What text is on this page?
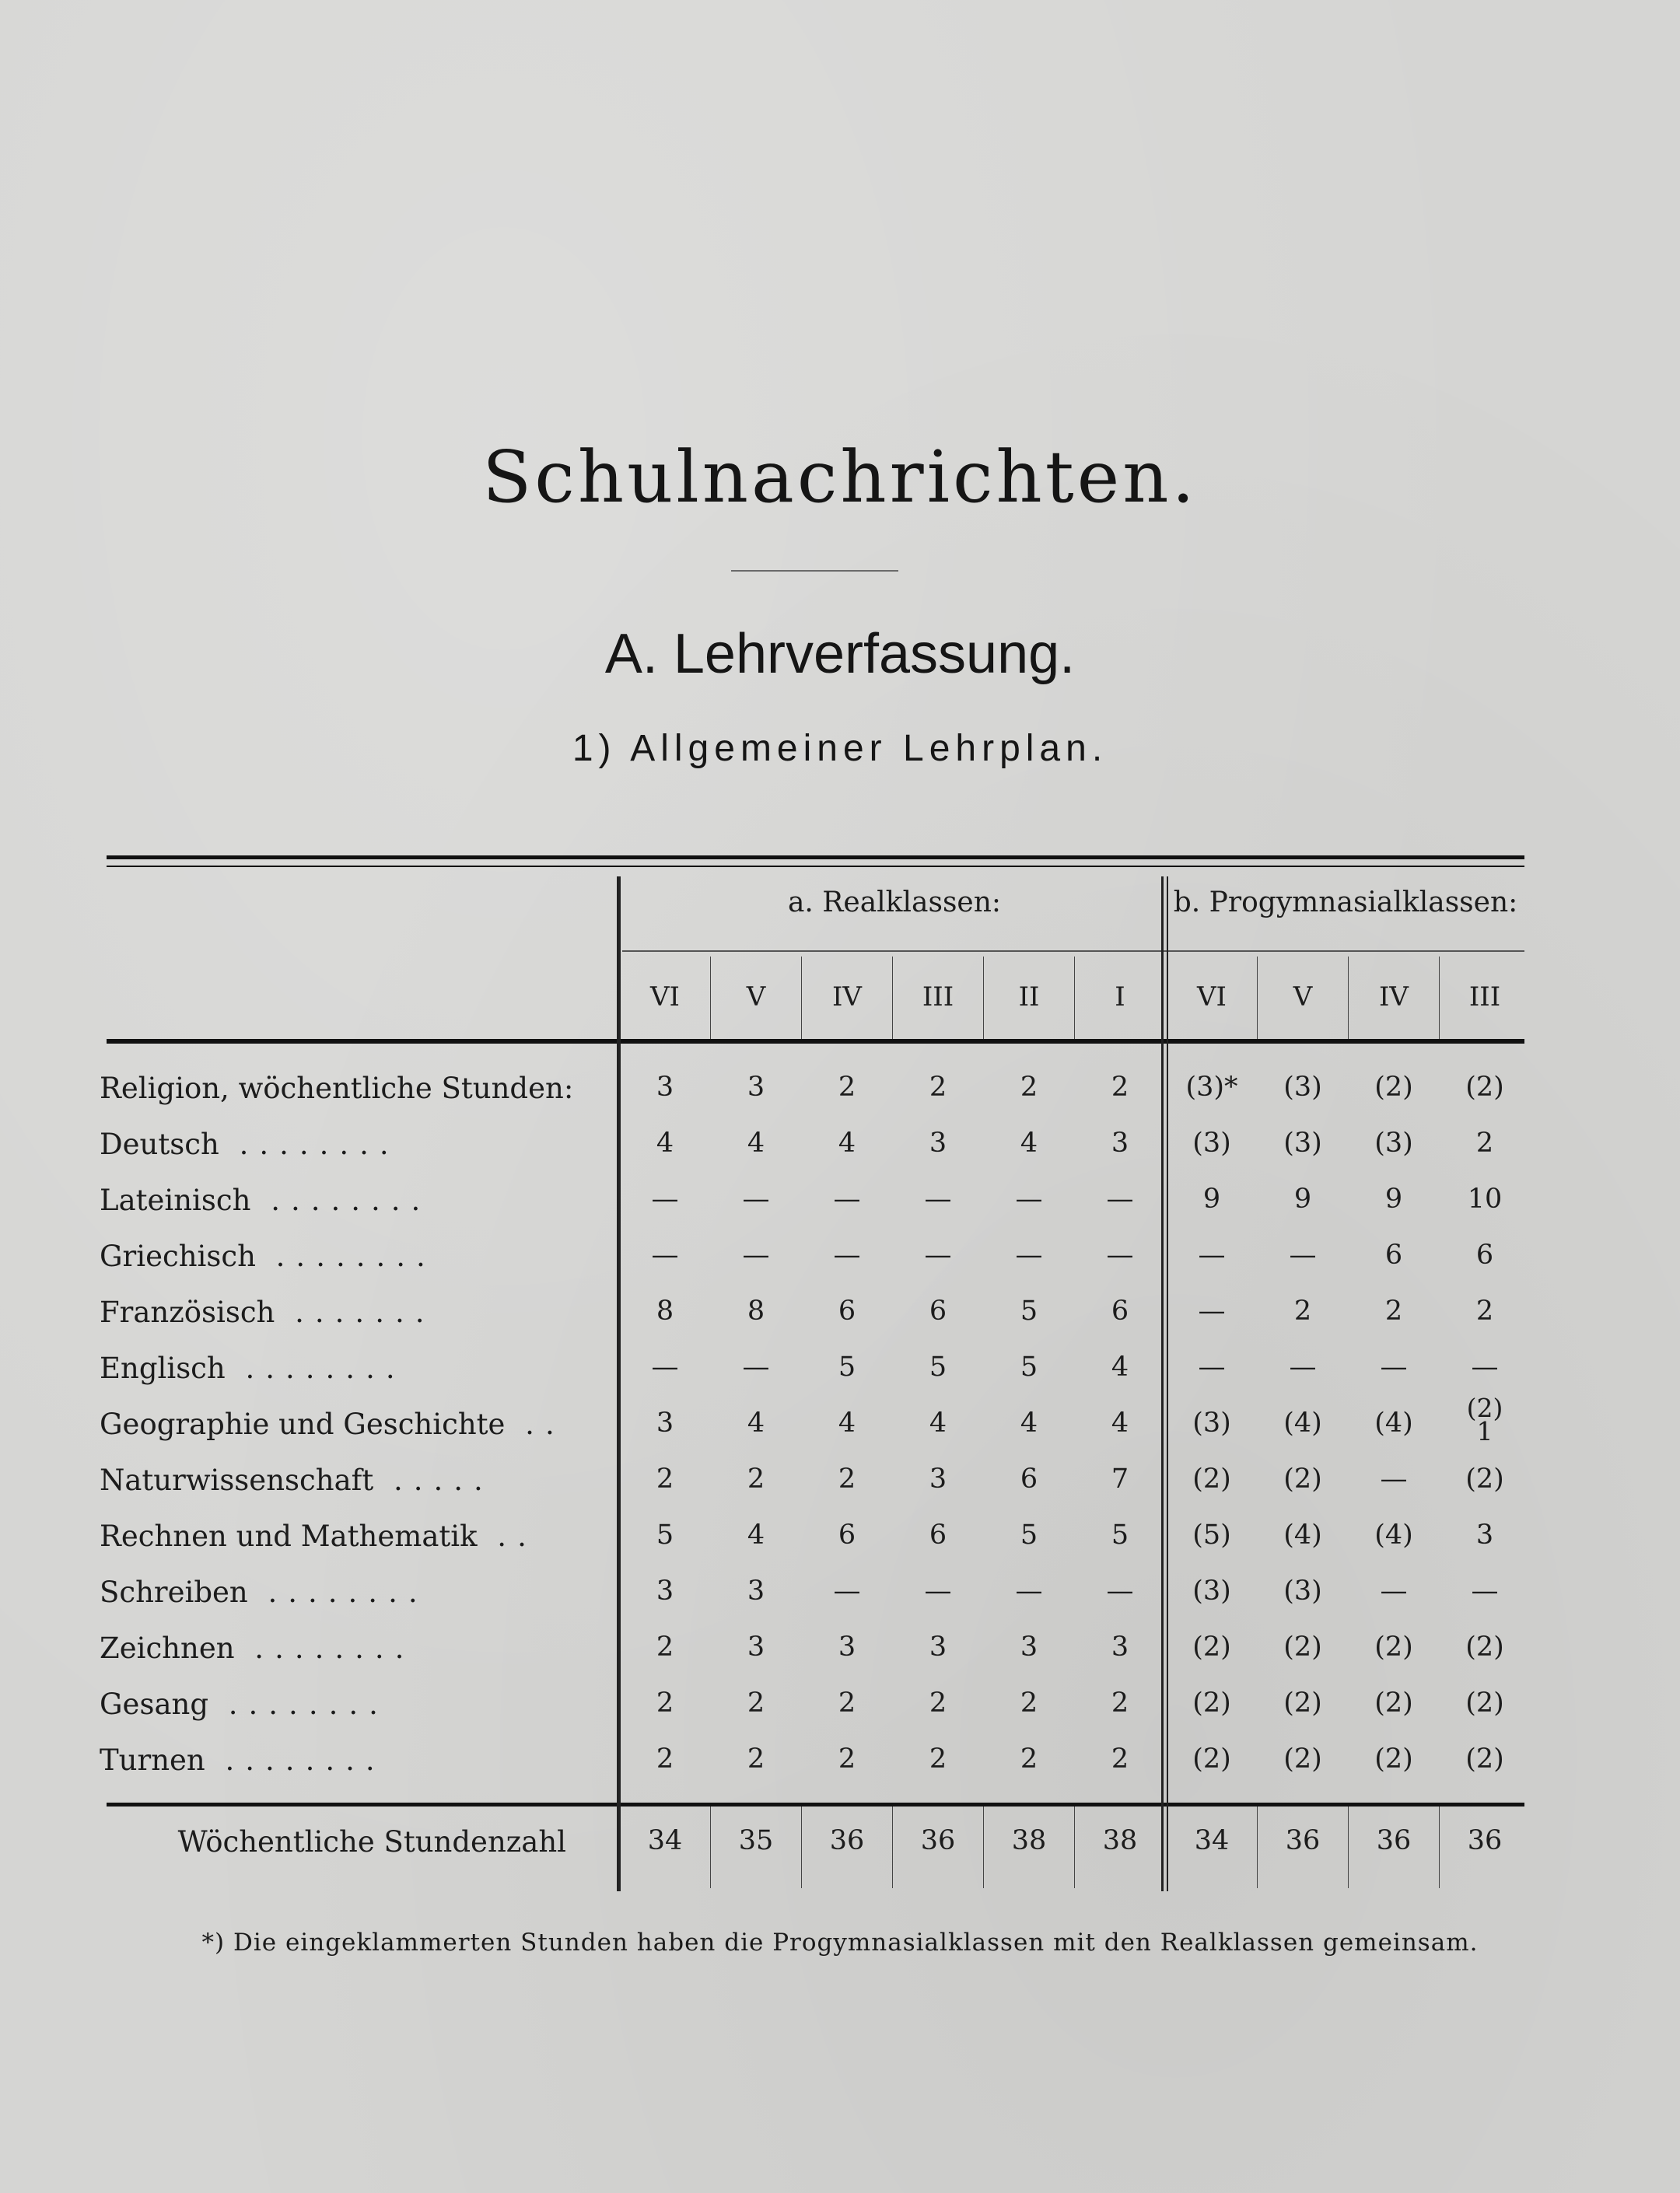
Schulnachrichten.
A. Lehrverfassung.
1) Allgemeiner Lehrplan.
a. Realklassen:	b. Progymnasialklassen:
VI	V	IV	III	II	I	VI	V	IV	III
Religion, wöchentliche Stunden:	3	3	2	2	2	2	(3)*	(3)	(2)	(2)
Deutsch ........	4	4	4	3	4	3	(3)	(3)	(3)	2
Lateinisch ........	—	—	—	—	—	—	9	9	9	10
Griechisch ........	—	—	—	—	—	—	—	—	6	6
Französisch .......	8	8	6	6	5	6	—	2	2	2
Englisch ........	—	—	5	5	5	4	—	—	—	—
Geographie und Geschichte ..	3	4	4	4	4	4	(3)	(4)	(4)	(2)
1
Naturwissenschaft .....	2	2	2	3	6	7	(2)	(2)	—	(2)
Rechnen und Mathematik ..	5	4	6	6	5	5	(5)	(4)	(4)	3
Schreiben ........	3	3	—	—	—	—	(3)	(3)	—	—
Zeichnen ........	2	3	3	3	3	3	(2)	(2)	(2)	(2)
Gesang ........	2	2	2	2	2	2	(2)	(2)	(2)	(2)
Turnen ........	2	2	2	2	2	2	(2)	(2)	(2)	(2)
Wöchentliche Stundenzahl	34	35	36	36	38	38	34	36	36	36
*) Die eingeklammerten Stunden haben die Progymnasialklassen mit den Realklassen gemeinsam.
